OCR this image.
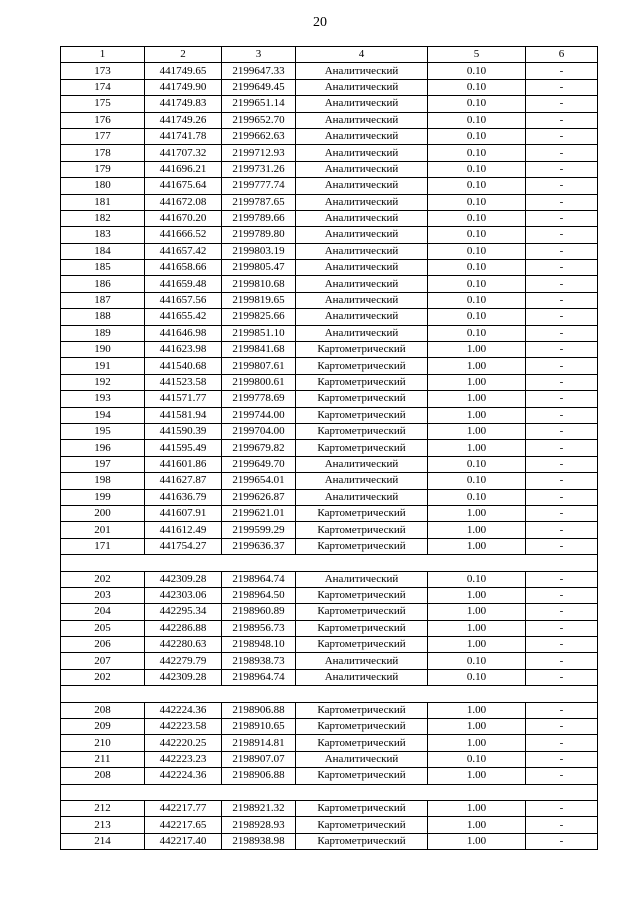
20
1	2	3	4	5	6
173	441749.65	2199647.33	Аналитический	0.10	-
174	441749.90	2199649.45	Аналитический	0.10	-
175	441749.83	2199651.14	Аналитический	0.10	-
176	441749.26	2199652.70	Аналитический	0.10	-
177	441741.78	2199662.63	Аналитический	0.10	-
178	441707.32	2199712.93	Аналитический	0.10	-
179	441696.21	2199731.26	Аналитический	0.10	-
180	441675.64	2199777.74	Аналитический	0.10	-
181	441672.08	2199787.65	Аналитический	0.10	-
182	441670.20	2199789.66	Аналитический	0.10	-
183	441666.52	2199789.80	Аналитический	0.10	-
184	441657.42	2199803.19	Аналитический	0.10	-
185	441658.66	2199805.47	Аналитический	0.10	-
186	441659.48	2199810.68	Аналитический	0.10	-
187	441657.56	2199819.65	Аналитический	0.10	-
188	441655.42	2199825.66	Аналитический	0.10	-
189	441646.98	2199851.10	Аналитический	0.10	-
190	441623.98	2199841.68	Картометрический	1.00	-
191	441540.68	2199807.61	Картометрический	1.00	-
192	441523.58	2199800.61	Картометрический	1.00	-
193	441571.77	2199778.69	Картометрический	1.00	-
194	441581.94	2199744.00	Картометрический	1.00	-
195	441590.39	2199704.00	Картометрический	1.00	-
196	441595.49	2199679.82	Картометрический	1.00	-
197	441601.86	2199649.70	Аналитический	0.10	-
198	441627.87	2199654.01	Аналитический	0.10	-
199	441636.79	2199626.87	Аналитический	0.10	-
200	441607.91	2199621.01	Картометрический	1.00	-
201	441612.49	2199599.29	Картометрический	1.00	-
171	441754.27	2199636.37	Картометрический	1.00	-

202	442309.28	2198964.74	Аналитический	0.10	-
203	442303.06	2198964.50	Картометрический	1.00	-
204	442295.34	2198960.89	Картометрический	1.00	-
205	442286.88	2198956.73	Картометрический	1.00	-
206	442280.63	2198948.10	Картометрический	1.00	-
207	442279.79	2198938.73	Аналитический	0.10	-
202	442309.28	2198964.74	Аналитический	0.10	-

208	442224.36	2198906.88	Картометрический	1.00	-
209	442223.58	2198910.65	Картометрический	1.00	-
210	442220.25	2198914.81	Картометрический	1.00	-
211	442223.23	2198907.07	Аналитический	0.10	-
208	442224.36	2198906.88	Картометрический	1.00	-

212	442217.77	2198921.32	Картометрический	1.00	-
213	442217.65	2198928.93	Картометрический	1.00	-
214	442217.40	2198938.98	Картометрический	1.00	-
